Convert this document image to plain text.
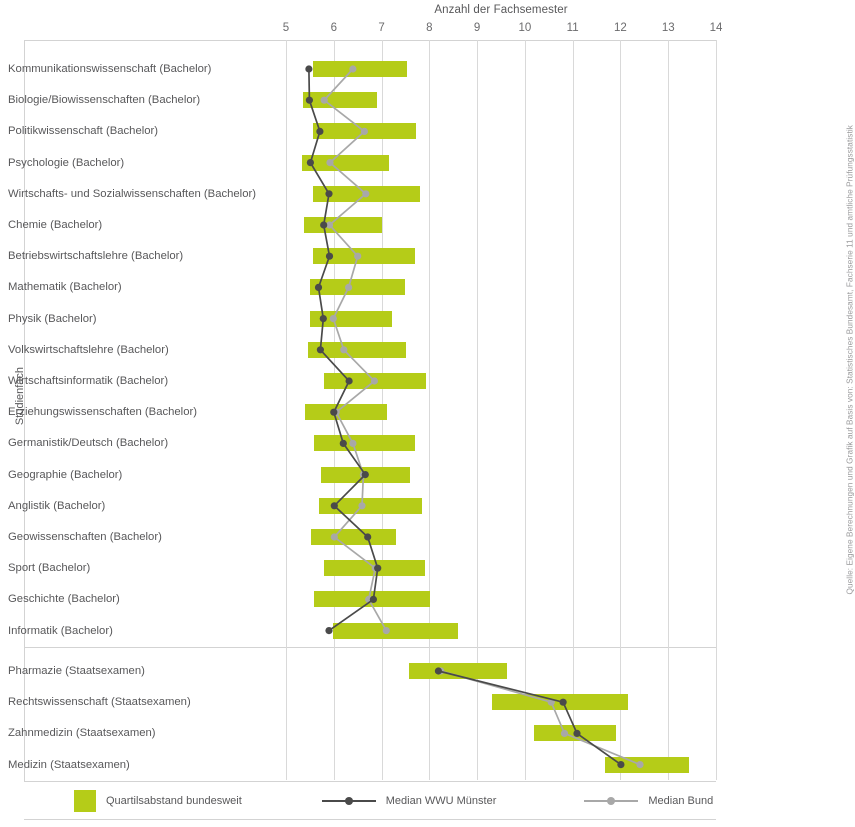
Anzahl der Fachsemester
5	6	7	8	9	10	11	12	13	14
Kommunikationswissenschaft (Bachelor)
Biologie/Biowissenschaften (Bachelor)
Politikwissenschaft (Bachelor)
Psychologie (Bachelor)
Wirtschafts- und Sozialwissenschaften (Bachelor)
Chemie (Bachelor)
Betriebswirtschaftslehre (Bachelor)
Mathematik (Bachelor)
Physik (Bachelor)
Volkswirtschaftslehre (Bachelor)
Wirtschaftsinformatik (Bachelor)
Erziehungswissenschaften (Bachelor)
Germanistik/Deutsch (Bachelor)
Geographie (Bachelor)
Anglistik (Bachelor)
Geowissenschaften (Bachelor)
Sport (Bachelor)
Geschichte (Bachelor)
Informatik (Bachelor)
Pharmazie (Staatsexamen)
Rechtswissenschaft (Staatsexamen)
Zahnmedizin (Staatsexamen)
Medizin (Staatsexamen)
Studienfach	Quelle: Eigene Berechnungen und Grafik auf Basis von: Statistisches Bundesamt, Fachserie 11 und amtliche Prüfungsstatistik
Quartilsabstand bundesweit	Median WWU Münster	Median Bund
